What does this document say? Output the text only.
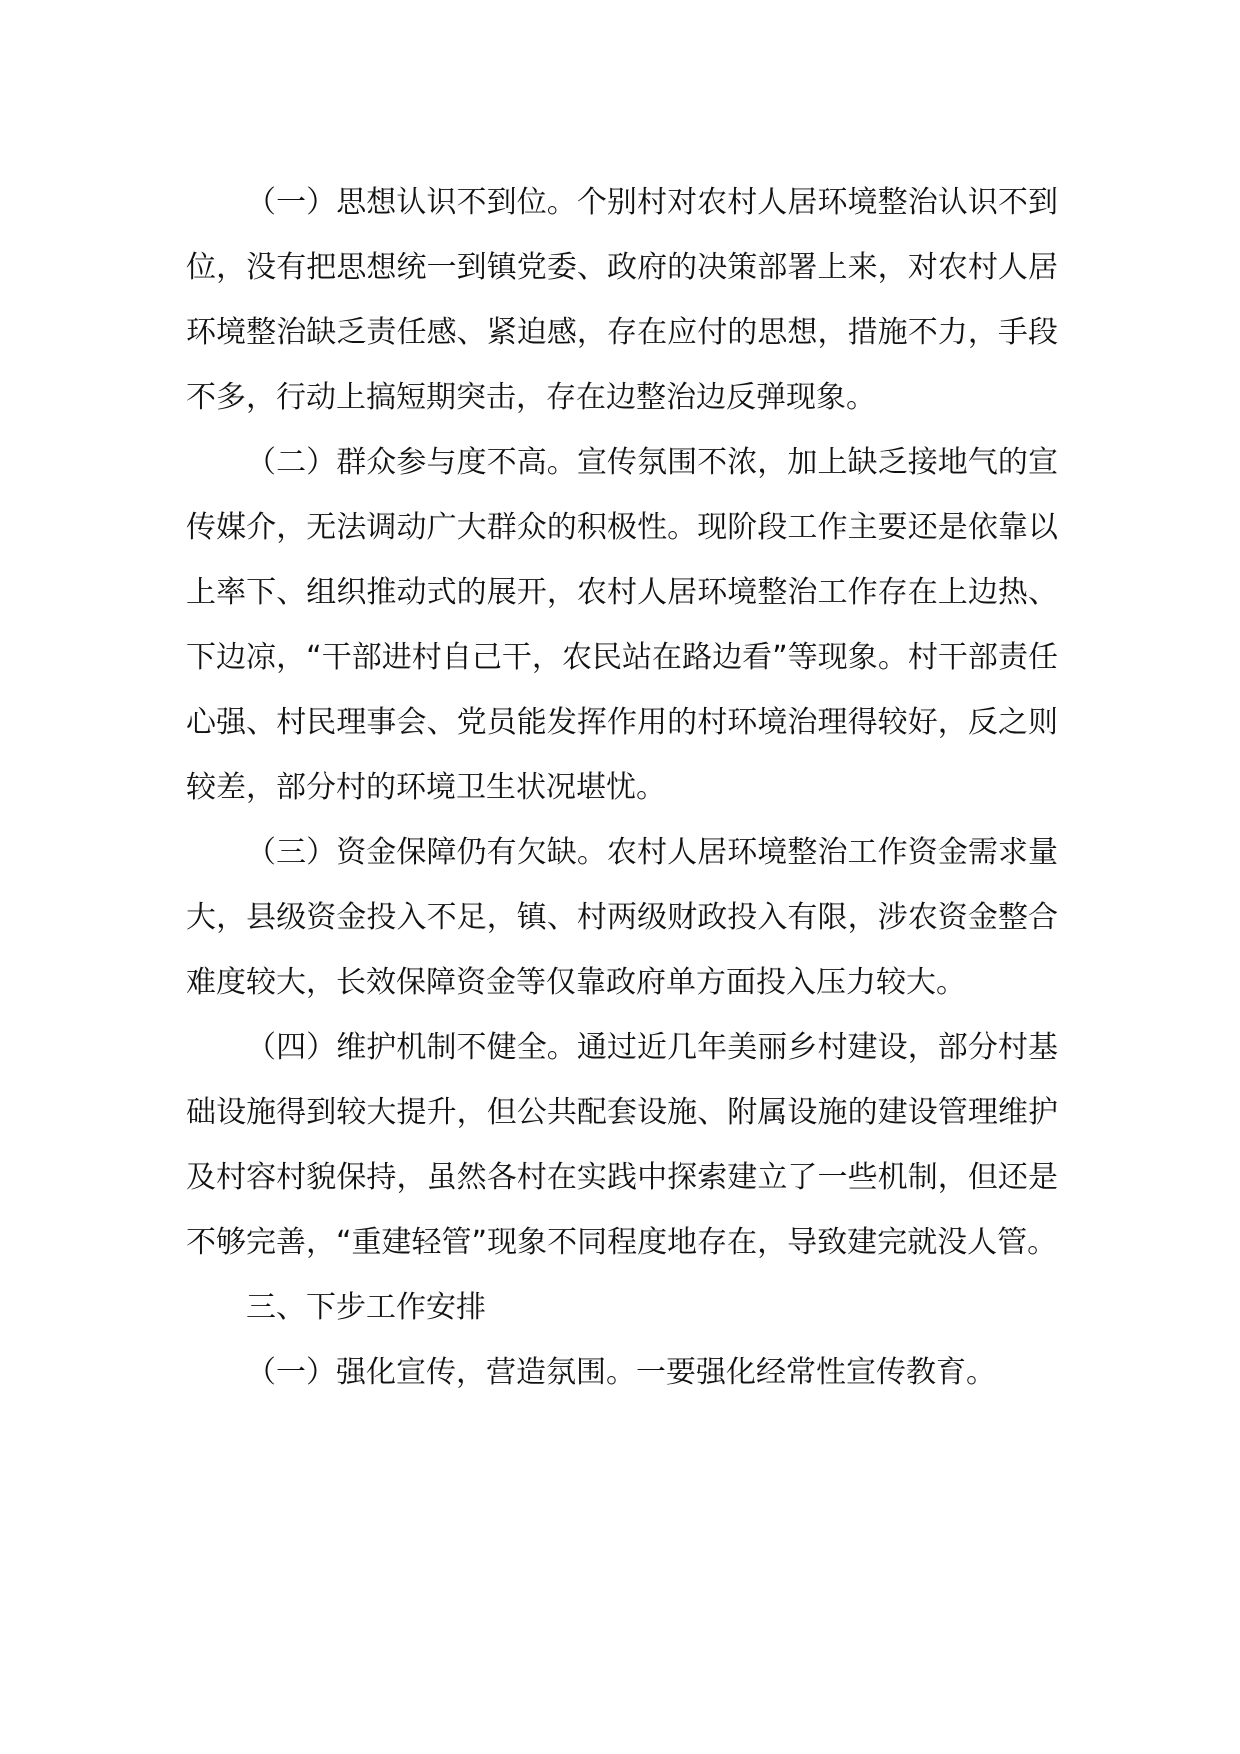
（一）思想认识不到位。个别村对农村人居环境整治认识不到位，没有把思想统一到镇党委、政府的决策部署上来，对农村人居环境整治缺乏责任感、紧迫感，存在应付的思想，措施不力，手段不多，行动上搞短期突击，存在边整治边反弹现象。

（二）群众参与度不高。宣传氛围不浓，加上缺乏接地气的宣传媒介，无法调动广大群众的积极性。现阶段工作主要还是依靠以上率下、组织推动式的展开，农村人居环境整治工作存在上边热、下边凉，“干部进村自己干，农民站在路边看”等现象。村干部责任心强、村民理事会、党员能发挥作用的村环境治理得较好，反之则较差，部分村的环境卫生状况堪忧。

（三）资金保障仍有欠缺。农村人居环境整治工作资金需求量大，县级资金投入不足，镇、村两级财政投入有限，涉农资金整合难度较大，长效保障资金等仅靠政府单方面投入压力较大。

（四）维护机制不健全。通过近几年美丽乡村建设，部分村基础设施得到较大提升，但公共配套设施、附属设施的建设管理维护及村容村貌保持，虽然各村在实践中探索建立了一些机制，但还是不够完善，“重建轻管”现象不同程度地存在，导致建完就没人管。

三、下步工作安排

（一）强化宣传，营造氛围。一要强化经常性宣传教育。
